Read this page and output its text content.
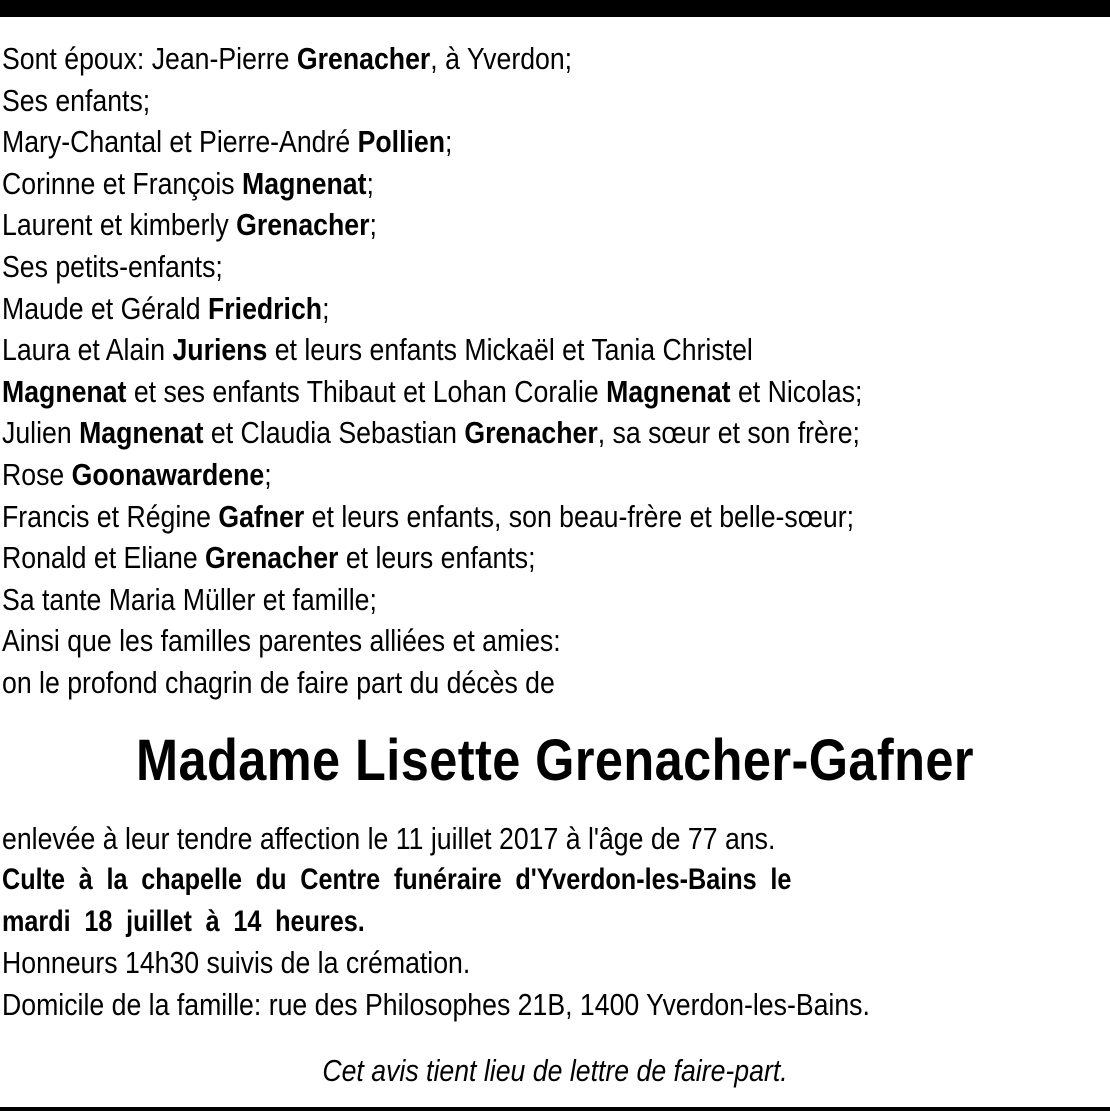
Sont époux: Jean-Pierre Grenacher, à Yverdon;
Ses enfants;
Mary-Chantal et Pierre-André Pollien;
Corinne et François Magnenat;
Laurent et kimberly Grenacher;
Ses petits-enfants;
Maude et Gérald Friedrich;
Laura et Alain Juriens et leurs enfants Mickaël et Tania Christel
Magnenat et ses enfants Thibaut et Lohan Coralie Magnenat et Nicolas;
Julien Magnenat et Claudia Sebastian Grenacher, sa sœur et son frère;
Rose Goonawardene;
Francis et Régine Gafner et leurs enfants, son beau-frère et belle-sœur;
Ronald et Eliane Grenacher et leurs enfants;
Sa tante Maria Müller et famille;
Ainsi que les familles parentes alliées et amies:
on le profond chagrin de faire part du décès de
Madame Lisette Grenacher-Gafner
enlevée à leur tendre affection le 11 juillet 2017 à l'âge de 77 ans.
Culte à la chapelle du Centre funéraire d'Yverdon-les-Bains le
mardi 18 juillet à 14 heures.
Honneurs 14h30 suivis de la crémation.
Domicile de la famille: rue des Philosophes 21B, 1400 Yverdon-les-Bains.
Cet avis tient lieu de lettre de faire-part.
